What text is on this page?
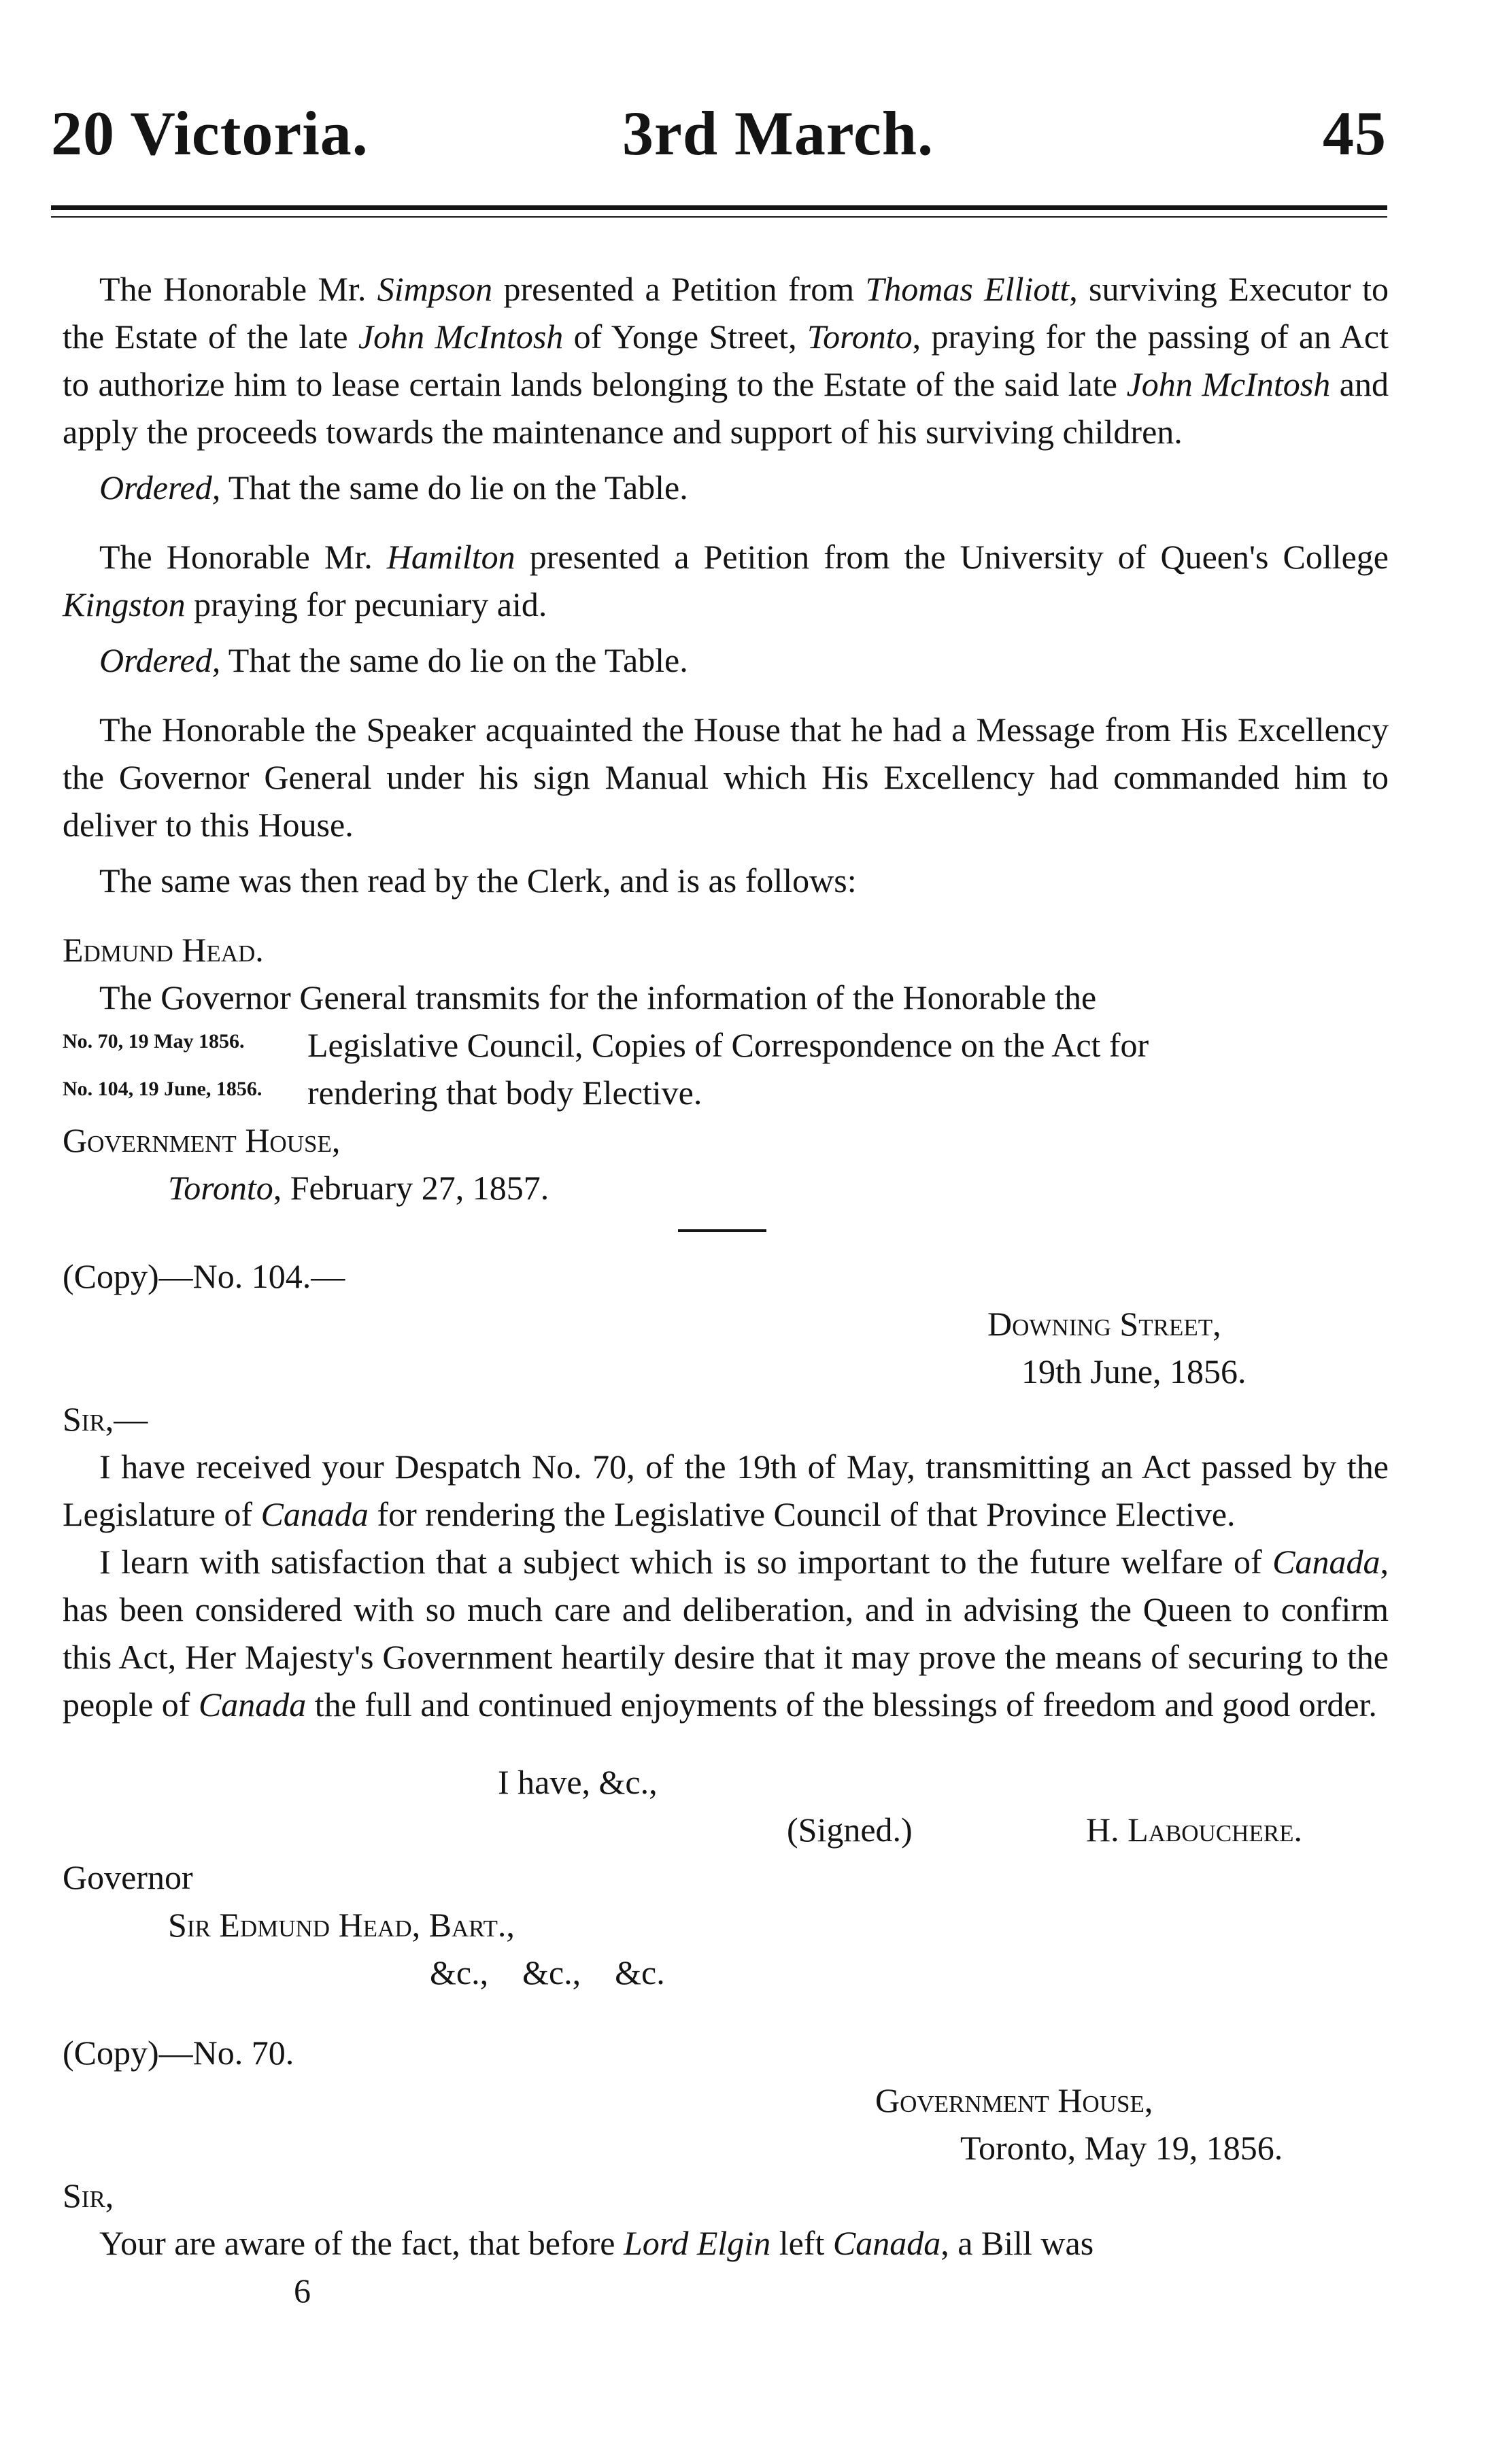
20 Victoria.	3rd March.	45

The Honorable Mr. Simpson presented a Petition from Thomas Elliott, surviving Executor to the Estate of the late John McIntosh of Yonge Street, Toronto, praying for the passing of an Act to authorize him to lease certain lands belonging to the Estate of the said late John McIntosh and apply the proceeds towards the maintenance and support of his surviving children.

Ordered, That the same do lie on the Table.

The Honorable Mr. Hamilton presented a Petition from the University of Queen's College Kingston praying for pecuniary aid.

Ordered, That the same do lie on the Table.

The Honorable the Speaker acquainted the House that he had a Message from His Excellency the Governor General under his sign Manual which His Excellency had commanded him to deliver to this House.

The same was then read by the Clerk, and is as follows:

Edmund Head.

The Governor General transmits for the information of the Honorable the

No. 70, 19 May 1856. Legislative Council, Copies of Correspondence on the Act for

No. 104, 19 June, 1856. rendering that body Elective.

Government House,

Toronto, February 27, 1857.

(Copy)—No. 104.—

Downing Street,

19th June, 1856.

Sir,—

I have received your Despatch No. 70, of the 19th of May, transmitting an Act passed by the Legislature of Canada for rendering the Legislative Council of that Province Elective.

I learn with satisfaction that a subject which is so important to the future welfare of Canada, has been considered with so much care and deliberation, and in advising the Queen to confirm this Act, Her Majesty's Government heartily desire that it may prove the means of securing to the people of Canada the full and continued enjoyments of the blessings of freedom and good order.

I have, &c.,

(Signed.)	H. Labouchere.

Governor

Sir Edmund Head, Bart.,

&c.,    &c.,    &c.

(Copy)—No. 70.

Government House,

Toronto, May 19, 1856.

Sir,

Your are aware of the fact, that before Lord Elgin left Canada, a Bill was

6
